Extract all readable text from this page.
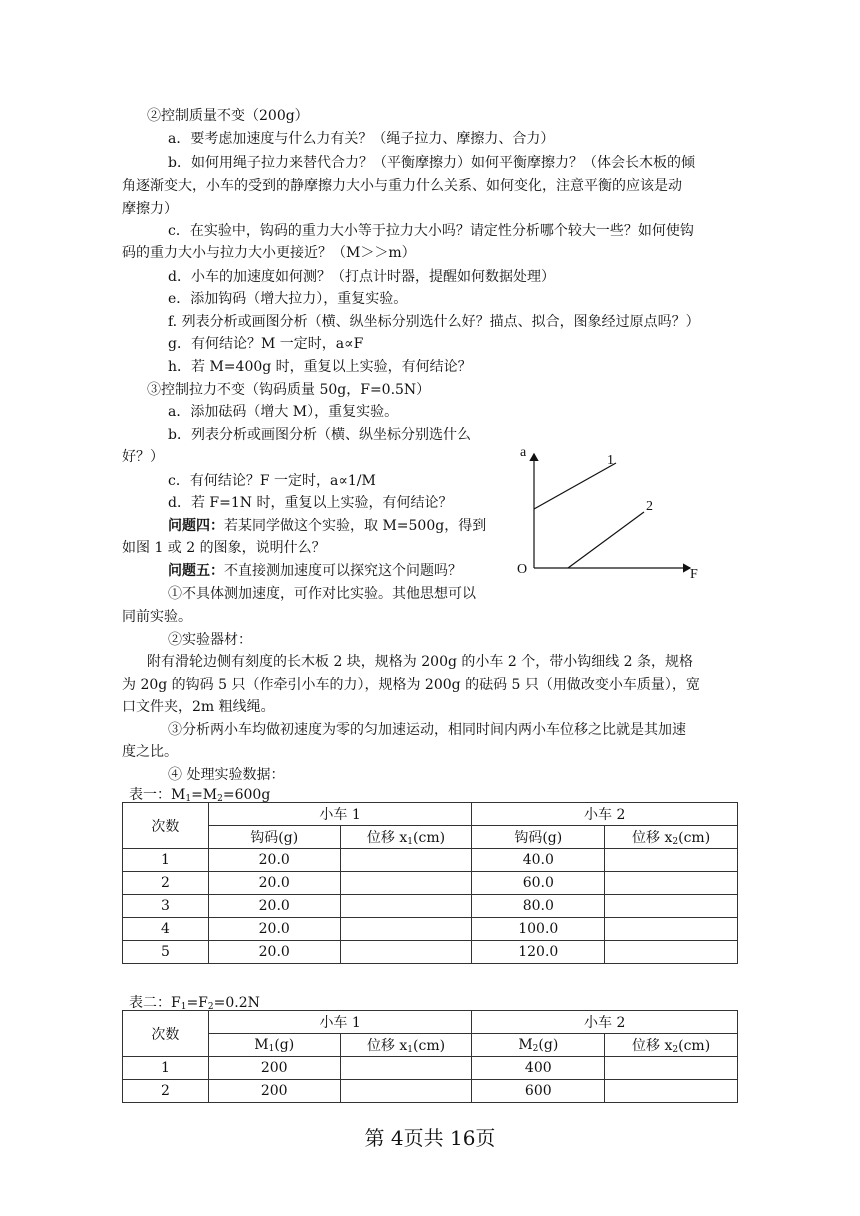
②控制质量不变（200g）
a．要考虑加速度与什么力有关？（绳子拉力、摩擦力、合力）
b．如何用绳子拉力来替代合力？（平衡摩擦力）如何平衡摩擦力？（体会长木板的倾
角逐渐变大，小车的受到的静摩擦力大小与重力什么关系、如何变化，注意平衡的应该是动
摩擦力）
c．在实验中，钩码的重力大小等于拉力大小吗？请定性分析哪个较大一些？如何使钩
码的重力大小与拉力大小更接近？（M＞＞m）
d．小车的加速度如何测？（打点计时器，提醒如何数据处理）
e．添加钩码（增大拉力），重复实验。
f. 列表分析或画图分析（横、纵坐标分别选什么好？描点、拟合，图象经过原点吗？）
g．有何结论？M 一定时，a∝F
h．若 M=400g 时，重复以上实验，有何结论？
③控制拉力不变（钩码质量 50g，F=0.5N）
a．添加砝码（增大 M），重复实验。
b．列表分析或画图分析（横、纵坐标分别选什么
好？）
c．有何结论？F 一定时，a∝1/M
d．若 F=1N 时，重复以上实验，有何结论？
问题四：若某同学做这个实验，取 M=500g，得到
如图 1 或 2 的图象，说明什么？
问题五：不直接测加速度可以探究这个问题吗？
①不具体测加速度，可作对比实验。其他思想可以
同前实验。
②实验器材：
附有滑轮边侧有刻度的长木板 2 块，规格为 200g 的小车 2 个，带小钩细线 2 条，规格
为 20g 的钩码 5 只（作牵引小车的力），规格为 200g 的砝码 5 只（用做改变小车质量），宽
口文件夹，2m 粗线绳。
③分析两小车均做初速度为零的匀加速运动，相同时间内两小车位移之比就是其加速
度之比。
④ 处理实验数据：
a
F
O
1
2
表一：$M_1=M_2=600g$
次数	小车 1		小车 2	
	钩码(g)	位移 $x_1(cm)$	钩码(g)	位移 $x_2(cm)$
1	20.0		40.0	
2	20.0		60.0	
3	20.0		80.0	
4	20.0		100.0	
5	20.0		120.0	
表二：$F_1=F_2=0.2N$
次数	小车 1		小车 2	
	$M_1(g)$	位移 $x_1(cm)$	$M_2(g)$	位移 $x_2(cm)$
1	200		400	
2	200		600	
第 4页共 16页
